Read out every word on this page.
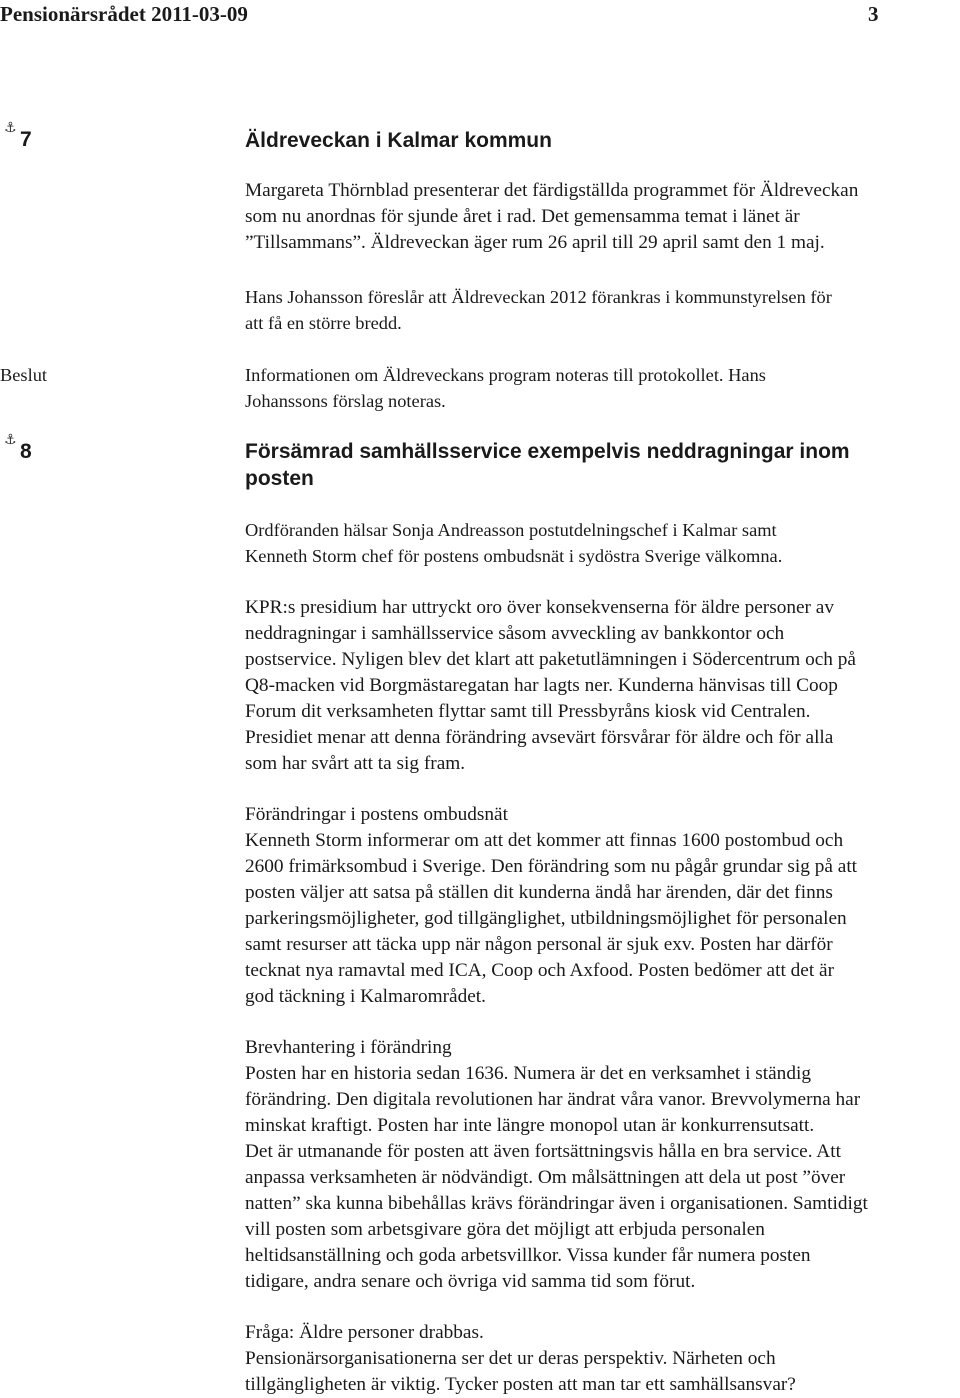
Pensionärsrådet 2011-03-09	3
⚓︎ 7	Äldreveckan i Kalmar kommun
Margareta Thörnblad presenterar det färdigställda programmet för Äldreveckan
som nu anordnas för sjunde året i rad. Det gemensamma temat i länet är
”Tillsammans”. Äldreveckan äger rum 26 april till 29 april samt den 1 maj.
Hans Johansson föreslår att Äldreveckan 2012 förankras i kommunstyrelsen för
att få en större bredd.
Beslut	Informationen om Äldreveckans program noteras till protokollet. Hans
Johanssons förslag noteras.
⚓︎ 8	Försämrad samhällsservice exempelvis neddragningar inom
posten
Ordföranden hälsar Sonja Andreasson postutdelningschef i Kalmar samt
Kenneth Storm chef för postens ombudsnät i sydöstra Sverige välkomna.
KPR:s presidium har uttryckt oro över konsekvenserna för äldre personer av
neddragningar i samhällsservice såsom avveckling av bankkontor och
postservice. Nyligen blev det klart att paketutlämningen i Södercentrum och på
Q8-macken vid Borgmästaregatan har lagts ner. Kunderna hänvisas till Coop
Forum dit verksamheten flyttar samt till Pressbyråns kiosk vid Centralen.
Presidiet menar att denna förändring avsevärt försvårar för äldre och för alla
som har svårt att ta sig fram.
Förändringar i postens ombudsnät
Kenneth Storm informerar om att det kommer att finnas 1600 postombud och
2600 frimärksombud i Sverige. Den förändring som nu pågår grundar sig på att
posten väljer att satsa på ställen dit kunderna ändå har ärenden, där det finns
parkeringsmöjligheter, god tillgänglighet, utbildningsmöjlighet för personalen
samt resurser att täcka upp när någon personal är sjuk exv. Posten har därför
tecknat nya ramavtal med ICA, Coop och Axfood. Posten bedömer att det är
god täckning i Kalmarområdet.
Brevhantering i förändring
Posten har en historia sedan 1636. Numera är det en verksamhet i ständig
förändring. Den digitala revolutionen har ändrat våra vanor. Brevvolymerna har
minskat kraftigt. Posten har inte längre monopol utan är konkurrensutsatt.
Det är utmanande för posten att även fortsättningsvis hålla en bra service. Att
anpassa verksamheten är nödvändigt. Om målsättningen att dela ut post ”över
natten” ska kunna bibehållas krävs förändringar även i organisationen. Samtidigt
vill posten som arbetsgivare göra det möjligt att erbjuda personalen
heltidsanställning och goda arbetsvillkor. Vissa kunder får numera posten
tidigare, andra senare och övriga vid samma tid som förut.
Fråga: Äldre personer drabbas.
Pensionärsorganisationerna ser det ur deras perspektiv. Närheten och
tillgängligheten är viktig. Tycker posten att man tar ett samhällsansvar?
